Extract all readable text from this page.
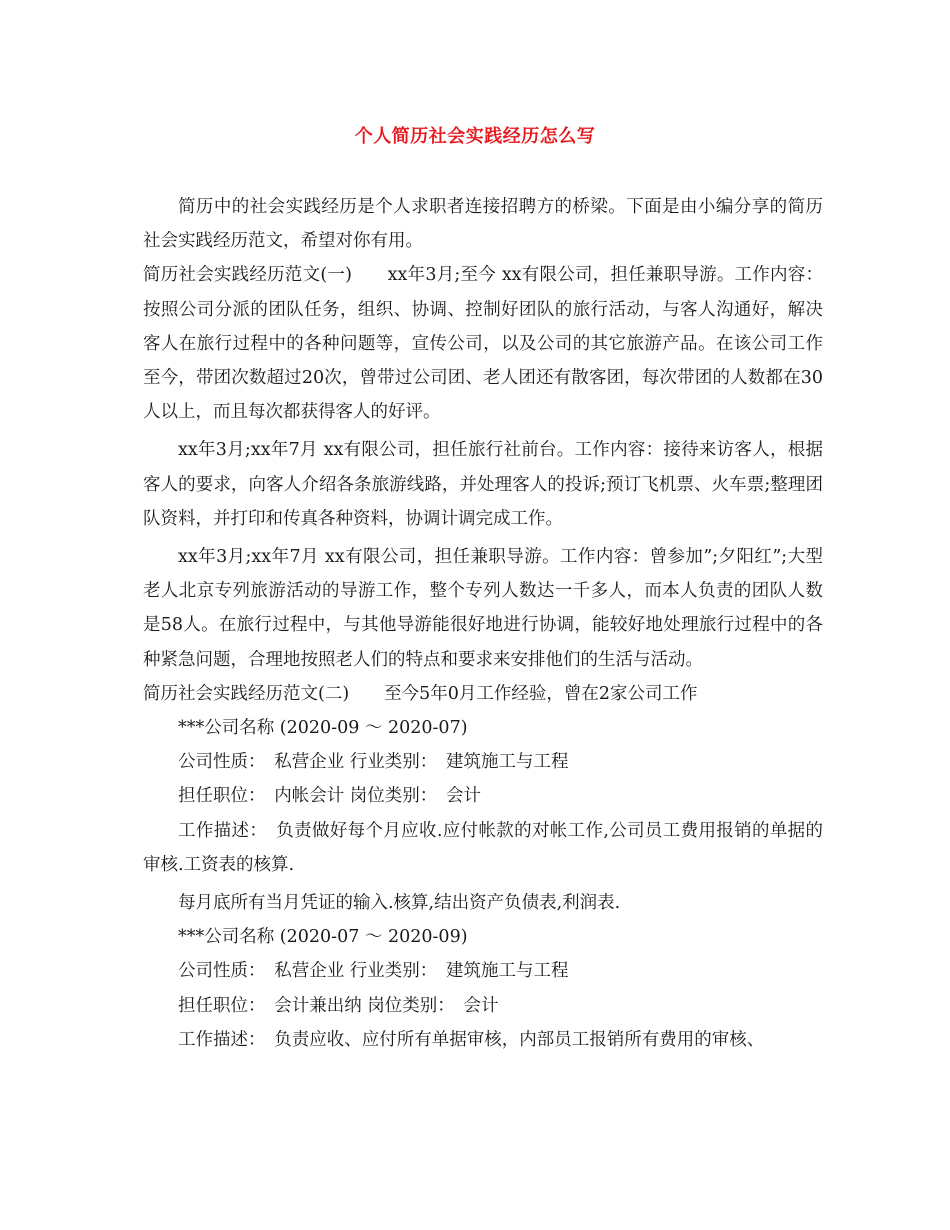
个人简历社会实践经历怎么写

简历中的社会实践经历是个人求职者连接招聘方的桥梁。下面是由小编分享的简历社会实践经历范文，希望对你有用。

简历社会实践经历范文(一)　　xx年3月;至今 xx有限公司，担任兼职导游。工作内容：按照公司分派的团队任务，组织、协调、控制好团队的旅行活动，与客人沟通好，解决客人在旅行过程中的各种问题等，宣传公司，以及公司的其它旅游产品。在该公司工作至今，带团次数超过20次，曾带过公司团、老人团还有散客团，每次带团的人数都在30人以上，而且每次都获得客人的好评。

xx年3月;xx年7月 xx有限公司，担任旅行社前台。工作内容：接待来访客人，根据客人的要求，向客人介绍各条旅游线路，并处理客人的投诉;预订飞机票、火车票;整理团队资料，并打印和传真各种资料，协调计调完成工作。

xx年3月;xx年7月 xx有限公司，担任兼职导游。工作内容：曾参加”;夕阳红”;大型老人北京专列旅游活动的导游工作，整个专列人数达一千多人，而本人负责的团队人数是58人。在旅行过程中，与其他导游能很好地进行协调，能较好地处理旅行过程中的各种紧急问题，合理地按照老人们的特点和要求来安排他们的生活与活动。

简历社会实践经历范文(二)　　至今5年0月工作经验，曾在2家公司工作

***公司名称 (2020-09 ～ 2020-07)

公司性质：　私营企业 行业类别：　建筑施工与工程

担任职位：　内帐会计 岗位类别：　会计

工作描述：　负责做好每个月应收.应付帐款的对帐工作,公司员工费用报销的单据的审核.工资表的核算.

每月底所有当月凭证的输入.核算,结出资产负债表,利润表.

***公司名称 (2020-07 ～ 2020-09)

公司性质：　私营企业 行业类别：　建筑施工与工程

担任职位：　会计兼出纳 岗位类别：　会计

工作描述：　负责应收、应付所有单据审核，内部员工报销所有费用的审核、
